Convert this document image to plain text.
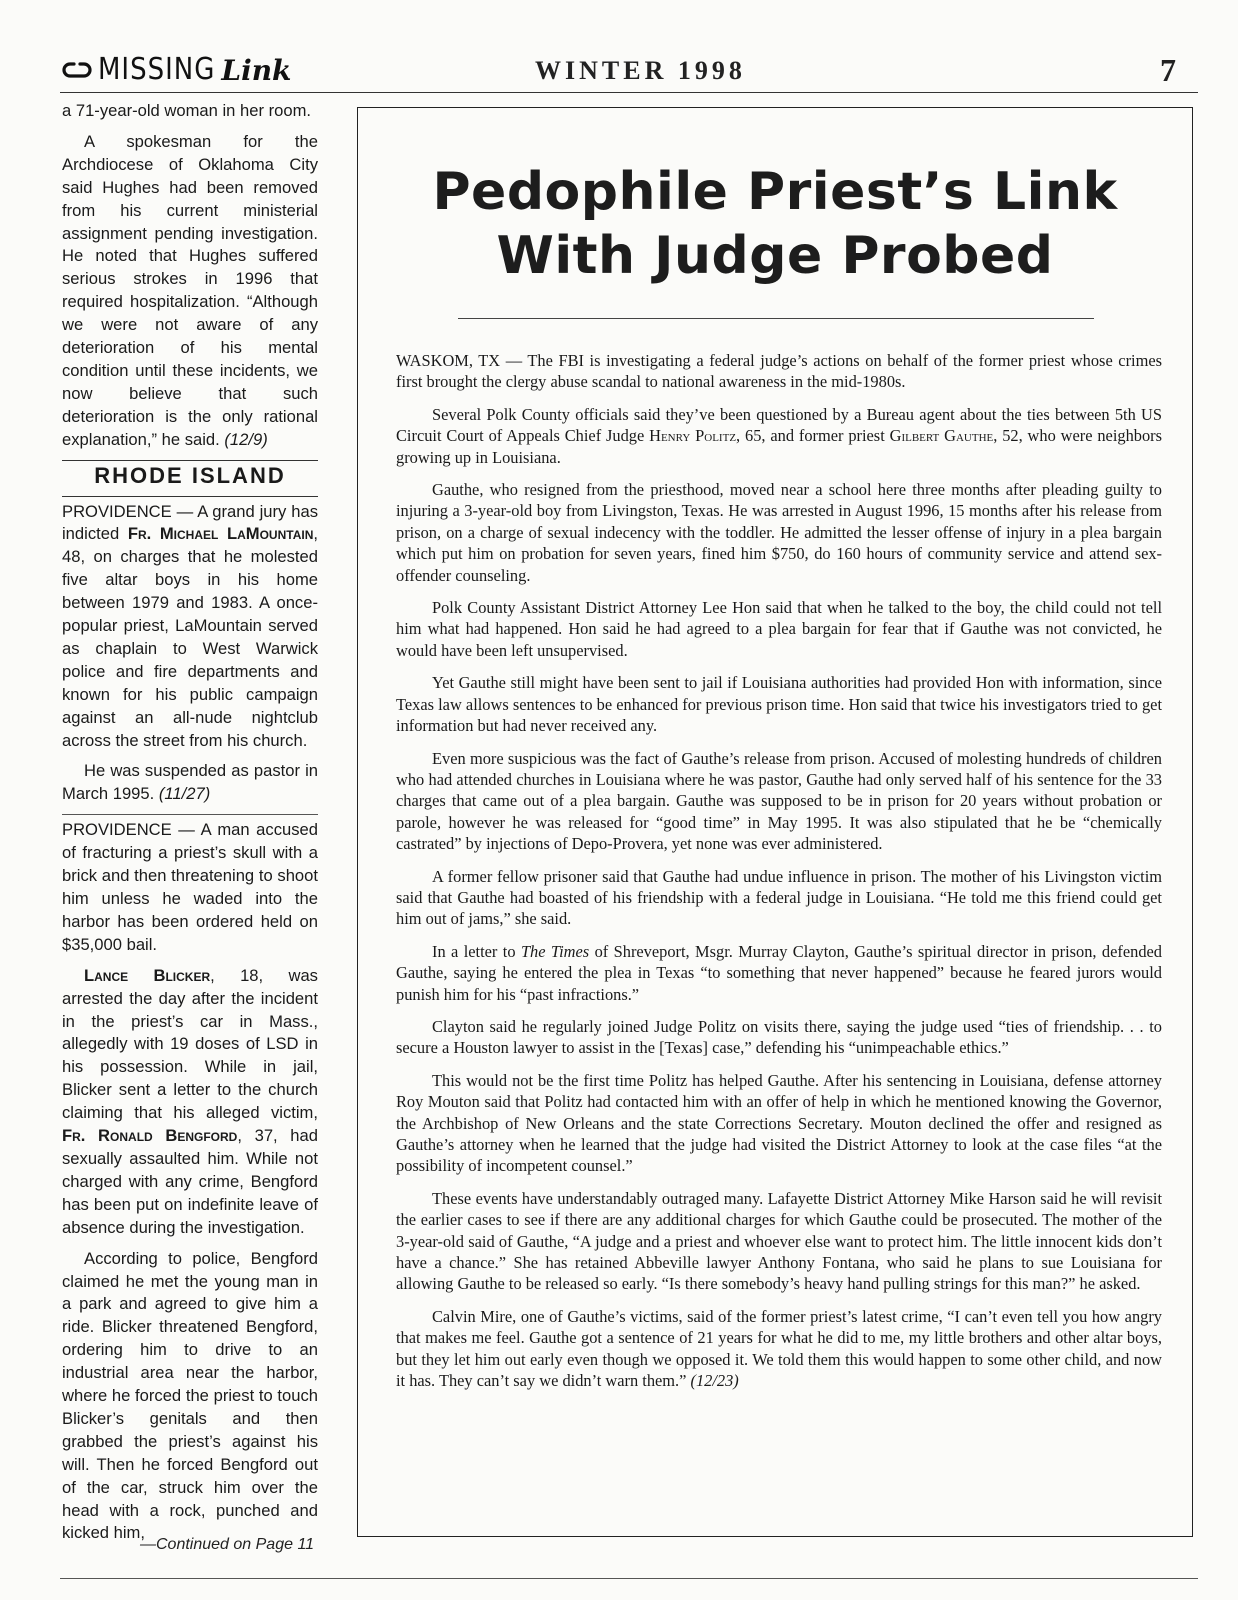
MISSING Link	WINTER 1998	7

a 71-year-old woman in her room.

A spokesman for the Archdiocese of Oklahoma City said Hughes had been removed from his current ministerial assignment pending investigation. He noted that Hughes suffered serious strokes in 1996 that required hospitalization. “Although we were not aware of any deterioration of his mental condition until these incidents, we now believe that such deterioration is the only rational explanation,” he said. (12/9)

RHODE ISLAND

PROVIDENCE — A grand jury has indicted Fr. Michael LaMountain, 48, on charges that he molested five altar boys in his home between 1979 and 1983. A once-popular priest, LaMountain served as chaplain to West Warwick police and fire departments and known for his public campaign against an all-nude nightclub across the street from his church.

He was suspended as pastor in March 1995. (11/27)

PROVIDENCE — A man accused of fracturing a priest’s skull with a brick and then threatening to shoot him unless he waded into the harbor has been ordered held on $35,000 bail.

Lance Blicker, 18, was arrested the day after the incident in the priest’s car in Mass., allegedly with 19 doses of LSD in his possession. While in jail, Blicker sent a letter to the church claiming that his alleged victim, Fr. Ronald Bengford, 37, had sexually assaulted him. While not charged with any crime, Bengford has been put on indefinite leave of absence during the investigation.

According to police, Bengford claimed he met the young man in a park and agreed to give him a ride. Blicker threatened Bengford, ordering him to drive to an industrial area near the harbor, where he forced the priest to touch Blicker’s genitals and then grabbed the priest’s against his will. Then he forced Bengford out of the car, struck him over the head with a rock, punched and kicked him,

—Continued on Page 11
Pedophile Priest’s Link
With Judge Probed

WASKOM, TX — The FBI is investigating a federal judge’s actions on behalf of the former priest whose crimes first brought the clergy abuse scandal to national awareness in the mid-1980s.

Several Polk County officials said they’ve been questioned by a Bureau agent about the ties between 5th US Circuit Court of Appeals Chief Judge Henry Politz, 65, and former priest Gilbert Gauthe, 52, who were neighbors growing up in Louisiana.

Gauthe, who resigned from the priesthood, moved near a school here three months after pleading guilty to injuring a 3-year-old boy from Livingston, Texas. He was arrested in August 1996, 15 months after his release from prison, on a charge of sexual indecency with the toddler. He admitted the lesser offense of injury in a plea bargain which put him on probation for seven years, fined him $750, do 160 hours of community service and attend sex-offender counseling.

Polk County Assistant District Attorney Lee Hon said that when he talked to the boy, the child could not tell him what had happened. Hon said he had agreed to a plea bargain for fear that if Gauthe was not convicted, he would have been left unsupervised.

Yet Gauthe still might have been sent to jail if Louisiana authorities had provided Hon with information, since Texas law allows sentences to be enhanced for previous prison time. Hon said that twice his investigators tried to get information but had never received any.

Even more suspicious was the fact of Gauthe’s release from prison. Accused of molesting hundreds of children who had attended churches in Louisiana where he was pastor, Gauthe had only served half of his sentence for the 33 charges that came out of a plea bargain. Gauthe was supposed to be in prison for 20 years without probation or parole, however he was released for “good time” in May 1995. It was also stipulated that he be “chemically castrated” by injections of Depo-Provera, yet none was ever administered.

A former fellow prisoner said that Gauthe had undue influence in prison. The mother of his Livingston victim said that Gauthe had boasted of his friendship with a federal judge in Louisiana. “He told me this friend could get him out of jams,” she said.

In a letter to The Times of Shreveport, Msgr. Murray Clayton, Gauthe’s spiritual director in prison, defended Gauthe, saying he entered the plea in Texas “to something that never happened” because he feared jurors would punish him for his “past infractions.”

Clayton said he regularly joined Judge Politz on visits there, saying the judge used “ties of friendship. . . to secure a Houston lawyer to assist in the [Texas] case,” defending his “unimpeachable ethics.”

This would not be the first time Politz has helped Gauthe. After his sentencing in Louisiana, defense attorney Roy Mouton said that Politz had contacted him with an offer of help in which he mentioned knowing the Governor, the Archbishop of New Orleans and the state Corrections Secretary. Mouton declined the offer and resigned as Gauthe’s attorney when he learned that the judge had visited the District Attorney to look at the case files “at the possibility of incompetent counsel.”

These events have understandably outraged many. Lafayette District Attorney Mike Harson said he will revisit the earlier cases to see if there are any additional charges for which Gauthe could be prosecuted. The mother of the 3-year-old said of Gauthe, “A judge and a priest and whoever else want to protect him. The little innocent kids don’t have a chance.” She has retained Abbeville lawyer Anthony Fontana, who said he plans to sue Louisiana for allowing Gauthe to be released so early. “Is there somebody’s heavy hand pulling strings for this man?” he asked.

Calvin Mire, one of Gauthe’s victims, said of the former priest’s latest crime, “I can’t even tell you how angry that makes me feel. Gauthe got a sentence of 21 years for what he did to me, my little brothers and other altar boys, but they let him out early even though we opposed it. We told them this would happen to some other child, and now it has. They can’t say we didn’t warn them.” (12/23)
